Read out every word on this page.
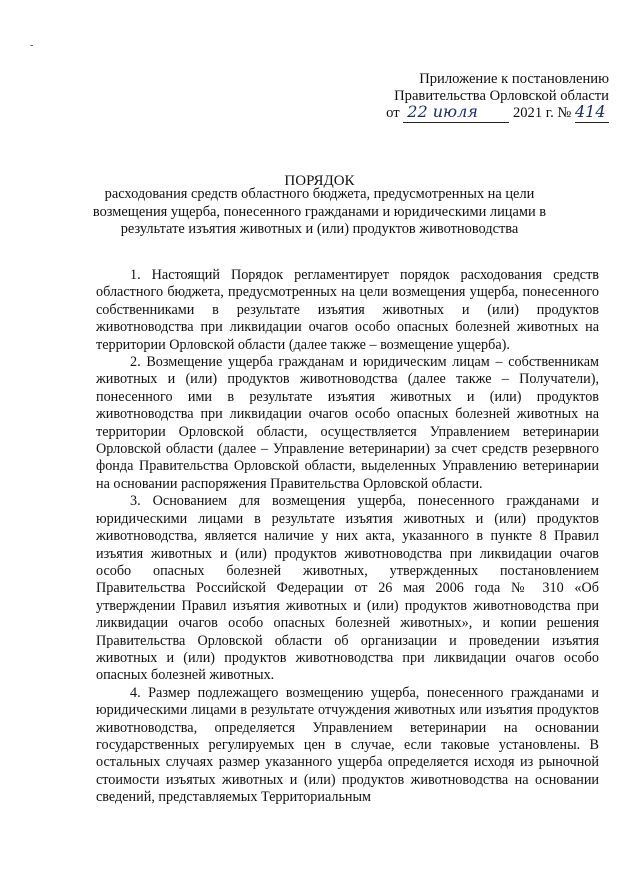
-
Приложение к постановлению
Правительства Орловской области
от 22 июля 2021 г. № 414
ПОРЯДОК
расходования средств областного бюджета, предусмотренных на цели возмещения ущерба, понесенного гражданами и юридическими лицами в результате изъятия животных и (или) продуктов животноводства

1. Настоящий Порядок регламентирует порядок расходования средств областного бюджета, предусмотренных на цели возмещения ущерба, понесенного собственниками в результате изъятия животных и (или) продуктов животноводства при ликвидации очагов особо опасных болезней животных на территории Орловской области (далее также – возмещение ущерба).

2. Возмещение ущерба гражданам и юридическим лицам – собственникам животных и (или) продуктов животноводства (далее также – Получатели), понесенного ими в результате изъятия животных и (или) продуктов животноводства при ликвидации очагов особо опасных болезней животных на территории Орловской области, осуществляется Управлением ветеринарии Орловской области (далее – Управление ветеринарии) за счет средств резервного фонда Правительства Орловской области, выделенных Управлению ветеринарии на основании распоряжения Правительства Орловской области.

3. Основанием для возмещения ущерба, понесенного гражданами и юридическими лицами в результате изъятия животных и (или) продуктов животноводства, является наличие у них акта, указанного в пункте 8 Правил изъятия животных и (или) продуктов животноводства при ликвидации очагов особо опасных болезней животных, утвержденных постановлением Правительства Российской Федерации от 26 мая 2006 года № 310 «Об утверждении Правил изъятия животных и (или) продуктов животноводства при ликвидации очагов особо опасных болезней животных», и копии решения Правительства Орловской области об организации и проведении изъятия животных и (или) продуктов животноводства при ликвидации очагов особо опасных болезней животных.

4. Размер подлежащего возмещению ущерба, понесенного гражданами и юридическими лицами в результате отчуждения животных или изъятия продуктов животноводства, определяется Управлением ветеринарии на основании государственных регулируемых цен в случае, если таковые установлены. В остальных случаях размер указанного ущерба определяется исходя из рыночной стоимости изъятых животных и (или) продуктов животноводства на основании сведений, представляемых Территориальным
